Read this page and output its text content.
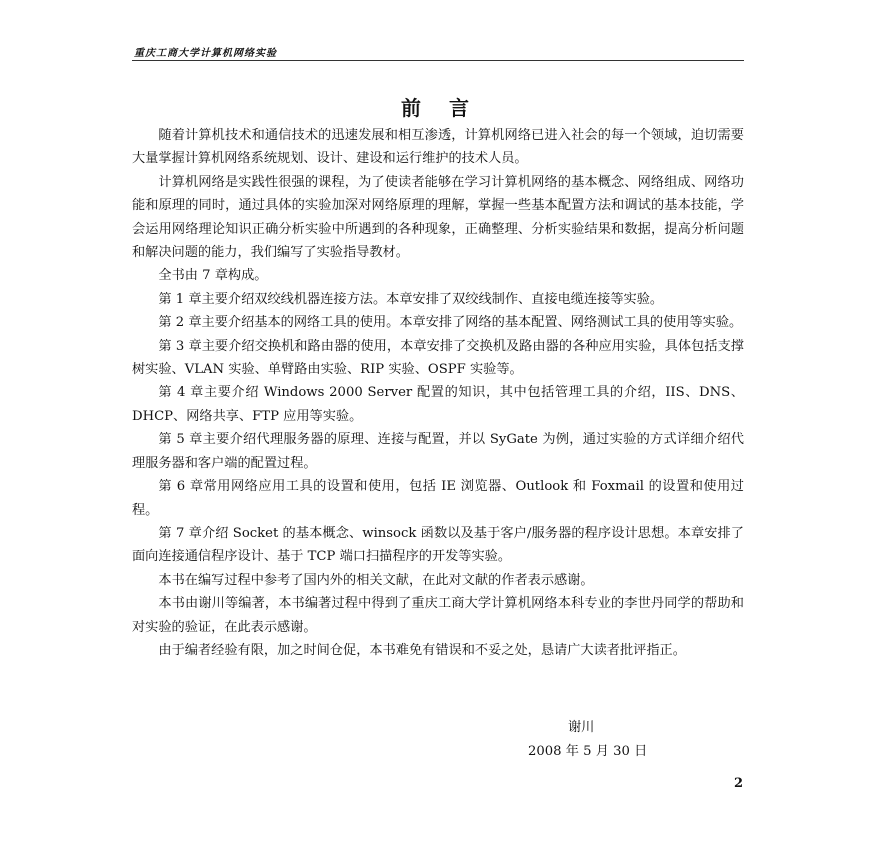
重庆工商大学计算机网络实验
前 言

随着计算机技术和通信技术的迅速发展和相互渗透，计算机网络已进入社会的每一个领域，迫切需要大量掌握计算机网络系统规划、设计、建设和运行维护的技术人员。

计算机网络是实践性很强的课程，为了使读者能够在学习计算机网络的基本概念、网络组成、网络功能和原理的同时，通过具体的实验加深对网络原理的理解，掌握一些基本配置方法和调试的基本技能，学会运用网络理论知识正确分析实验中所遇到的各种现象，正确整理、分析实验结果和数据，提高分析问题和解决问题的能力，我们编写了实验指导教材。

全书由 7 章构成。

第 1 章主要介绍双绞线机器连接方法。本章安排了双绞线制作、直接电缆连接等实验。

第 2 章主要介绍基本的网络工具的使用。本章安排了网络的基本配置、网络测试工具的使用等实验。

第 3 章主要介绍交换机和路由器的使用，本章安排了交换机及路由器的各种应用实验，具体包括支撑树实验、VLAN 实验、单臂路由实验、RIP 实验、OSPF 实验等。

第 4 章主要介绍 Windows 2000 Server 配置的知识，其中包括管理工具的介绍，IIS、DNS、DHCP、网络共享、FTP 应用等实验。

第 5 章主要介绍代理服务器的原理、连接与配置，并以 SyGate 为例，通过实验的方式详细介绍代理服务器和客户端的配置过程。

第 6 章常用网络应用工具的设置和使用，包括 IE 浏览器、Outlook 和 Foxmail 的设置和使用过程。

第 7 章介绍 Socket 的基本概念、winsock 函数以及基于客户/服务器的程序设计思想。本章安排了面向连接通信程序设计、基于 TCP 端口扫描程序的开发等实验。

本书在编写过程中参考了国内外的相关文献，在此对文献的作者表示感谢。

本书由谢川等编著，本书编著过程中得到了重庆工商大学计算机网络本科专业的李世丹同学的帮助和对实验的验证，在此表示感谢。

由于编者经验有限，加之时间仓促，本书难免有错误和不妥之处，恳请广大读者批评指正。

谢川
2008 年 5 月 30 日
2
